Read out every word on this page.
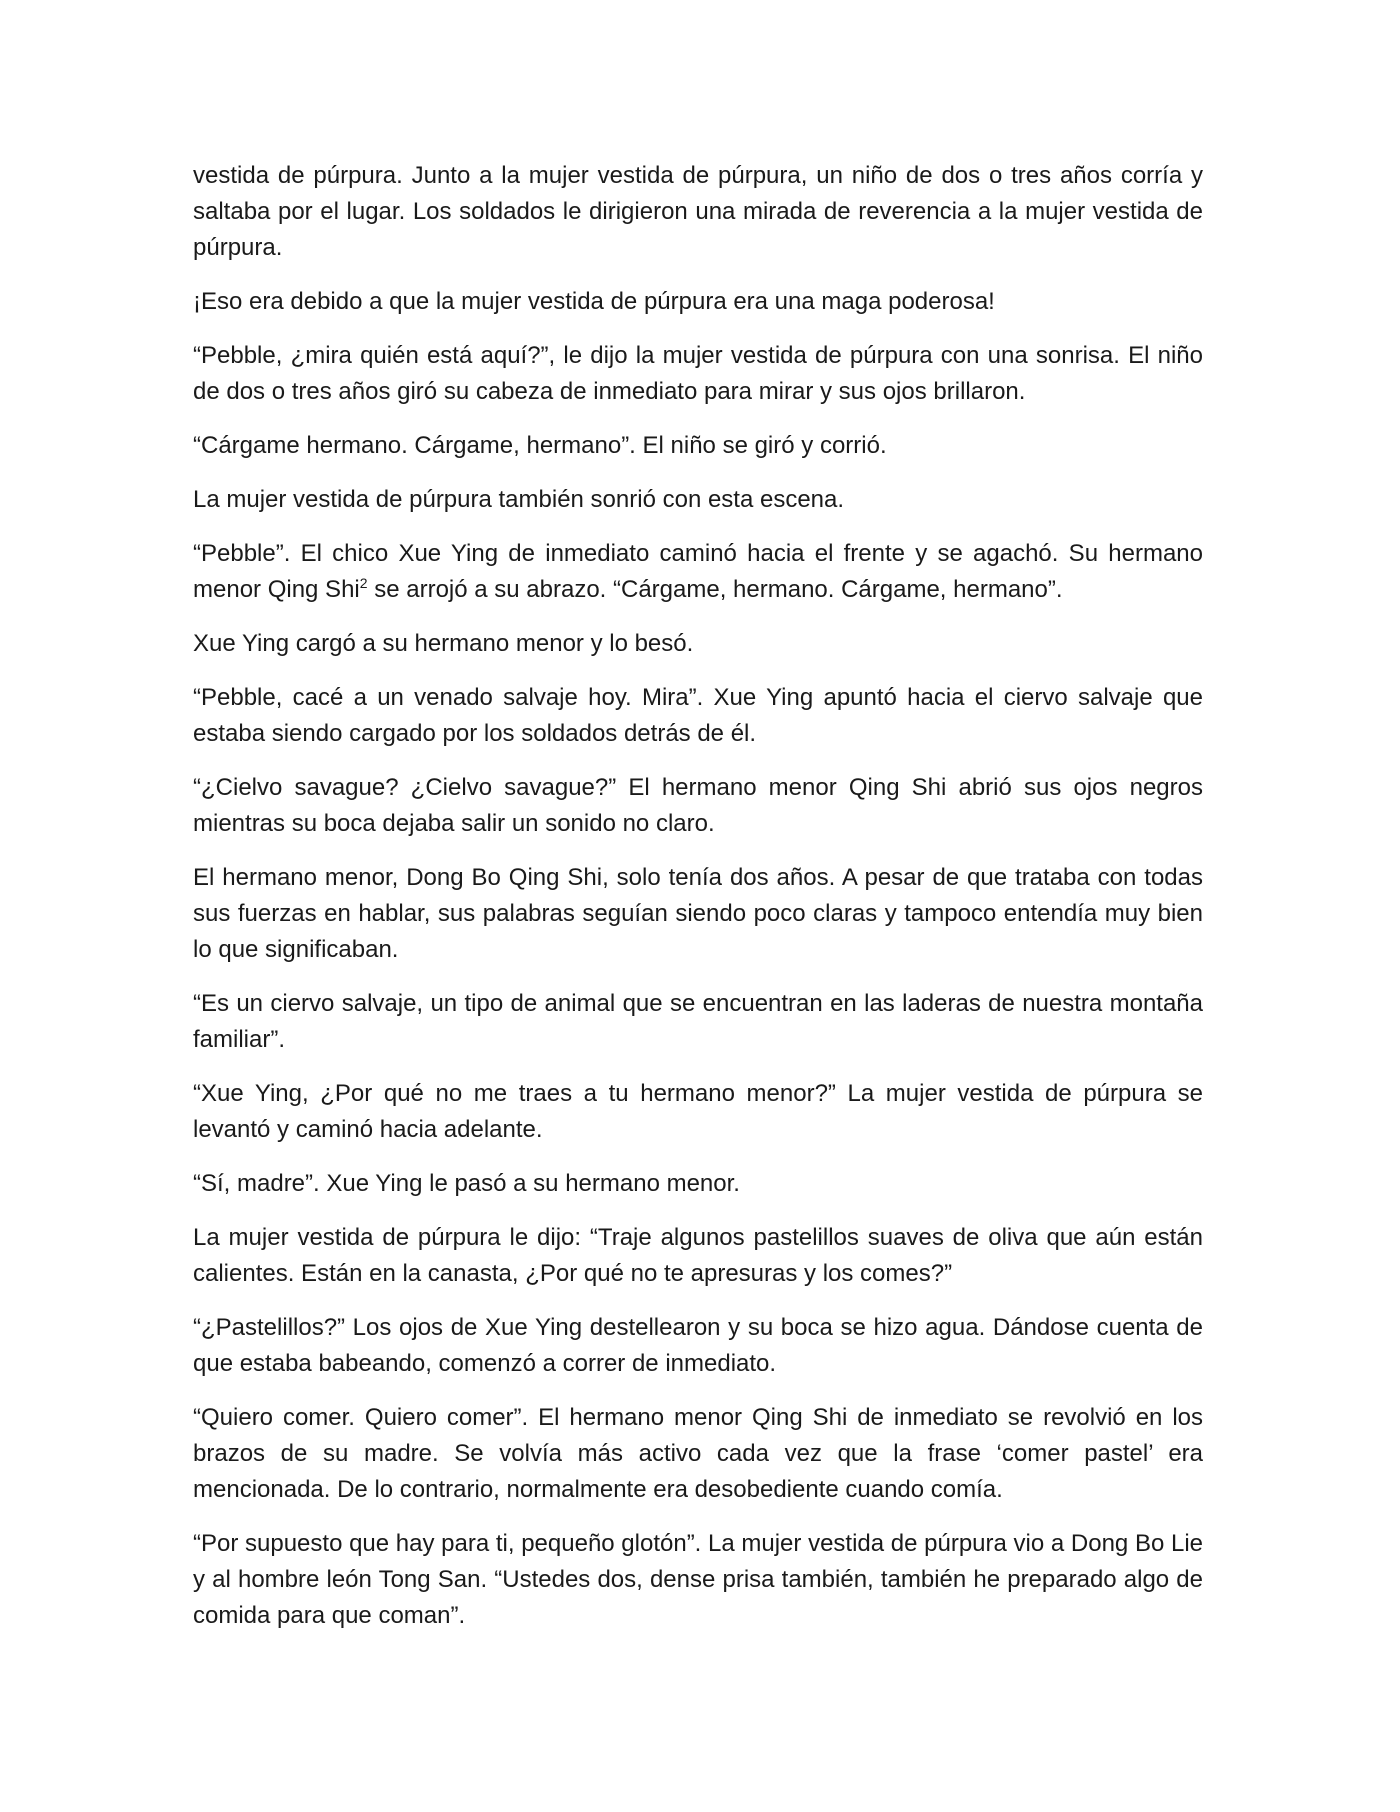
vestida de púrpura. Junto a la mujer vestida de púrpura, un niño de dos o tres años corría y saltaba por el lugar. Los soldados le dirigieron una mirada de reverencia a la mujer vestida de púrpura.

¡Eso era debido a que la mujer vestida de púrpura era una maga poderosa!

“Pebble, ¿mira quién está aquí?”, le dijo la mujer vestida de púrpura con una sonrisa. El niño de dos o tres años giró su cabeza de inmediato para mirar y sus ojos brillaron.

“Cárgame hermano. Cárgame, hermano”. El niño se giró y corrió.

La mujer vestida de púrpura también sonrió con esta escena.

“Pebble”. El chico Xue Ying de inmediato caminó hacia el frente y se agachó. Su hermano menor Qing Shi$^2$ se arrojó a su abrazo. “Cárgame, hermano. Cárgame, hermano”.

Xue Ying cargó a su hermano menor y lo besó.

“Pebble, cacé a un venado salvaje hoy. Mira”. Xue Ying apuntó hacia el ciervo salvaje que estaba siendo cargado por los soldados detrás de él.

“¿Cielvo savague? ¿Cielvo savague?” El hermano menor Qing Shi abrió sus ojos negros mientras su boca dejaba salir un sonido no claro.

El hermano menor, Dong Bo Qing Shi, solo tenía dos años. A pesar de que trataba con todas sus fuerzas en hablar, sus palabras seguían siendo poco claras y tampoco entendía muy bien lo que significaban.

“Es un ciervo salvaje, un tipo de animal que se encuentran en las laderas de nuestra montaña familiar”.

“Xue Ying, ¿Por qué no me traes a tu hermano menor?” La mujer vestida de púrpura se levantó y caminó hacia adelante.

“Sí, madre”. Xue Ying le pasó a su hermano menor.

La mujer vestida de púrpura le dijo: “Traje algunos pastelillos suaves de oliva que aún están calientes. Están en la canasta, ¿Por qué no te apresuras y los comes?”

“¿Pastelillos?” Los ojos de Xue Ying destellearon y su boca se hizo agua. Dándose cuenta de que estaba babeando, comenzó a correr de inmediato.

“Quiero comer. Quiero comer”. El hermano menor Qing Shi de inmediato se revolvió en los brazos de su madre. Se volvía más activo cada vez que la frase ‘comer pastel’ era mencionada. De lo contrario, normalmente era desobediente cuando comía.

“Por supuesto que hay para ti, pequeño glotón”. La mujer vestida de púrpura vio a Dong Bo Lie y al hombre león Tong San. “Ustedes dos, dense prisa también, también he preparado algo de comida para que coman”.
